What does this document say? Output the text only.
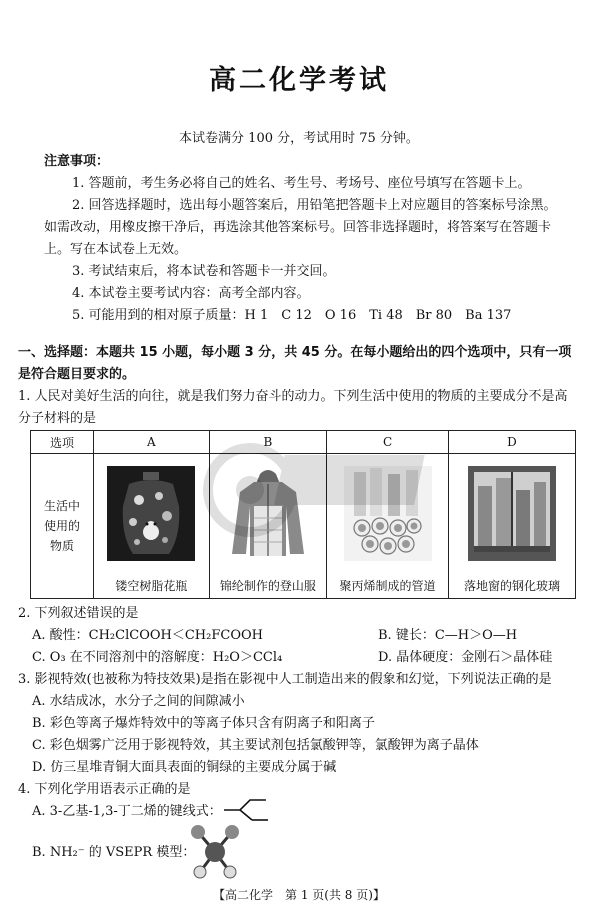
高二化学考试
本试卷满分 100 分，考试用时 75 分钟。
注意事项：
1. 答题前，考生务必将自己的姓名、考生号、考场号、座位号填写在答题卡上。
2. 回答选择题时，选出每小题答案后，用铅笔把答题卡上对应题目的答案标号涂黑。如需改动，用橡皮擦干净后，再选涂其他答案标号。回答非选择题时，将答案写在答题卡上。写在本试卷上无效。
3. 考试结束后，将本试卷和答题卡一并交回。
4. 本试卷主要考试内容：高考全部内容。
5. 可能用到的相对原子质量：H 1　C 12　O 16　Ti 48　Br 80　Ba 137
一、选择题：本题共 15 小题，每小题 3 分，共 45 分。在每小题给出的四个选项中，只有一项是符合题目要求的。
1. 人民对美好生活的向往，就是我们努力奋斗的动力。下列生活中使用的物质的主要成分不是高分子材料的是
选项	A	B	C	D

生活中使用的物质	镂空树脂花瓶	锦纶制作的登山服	聚丙烯制成的管道	落地窗的钢化玻璃
2. 下列叙述错误的是
A. 酸性：CH₂ClCOOH＜CH₂FCOOH	B. 键长：C—H＞O—H
C. O₃ 在不同溶剂中的溶解度：H₂O＞CCl₄	D. 晶体硬度：金刚石＞晶体硅
3. 影视特效(也被称为特技效果)是指在影视中人工制造出来的假象和幻觉，下列说法正确的是
A. 水结成冰，水分子之间的间隙减小
B. 彩色等离子爆炸特效中的等离子体只含有阴离子和阳离子
C. 彩色烟雾广泛用于影视特效，其主要试剂包括氯酸钾等，氯酸钾为离子晶体
D. 仿三星堆青铜大面具表面的铜绿的主要成分属于碱
4. 下列化学用语表示正确的是
A. 3-乙基-1,3-丁二烯的键线式：
B. NH₂⁻ 的 VSEPR 模型：
【高二化学　第 1 页(共 8 页)】
